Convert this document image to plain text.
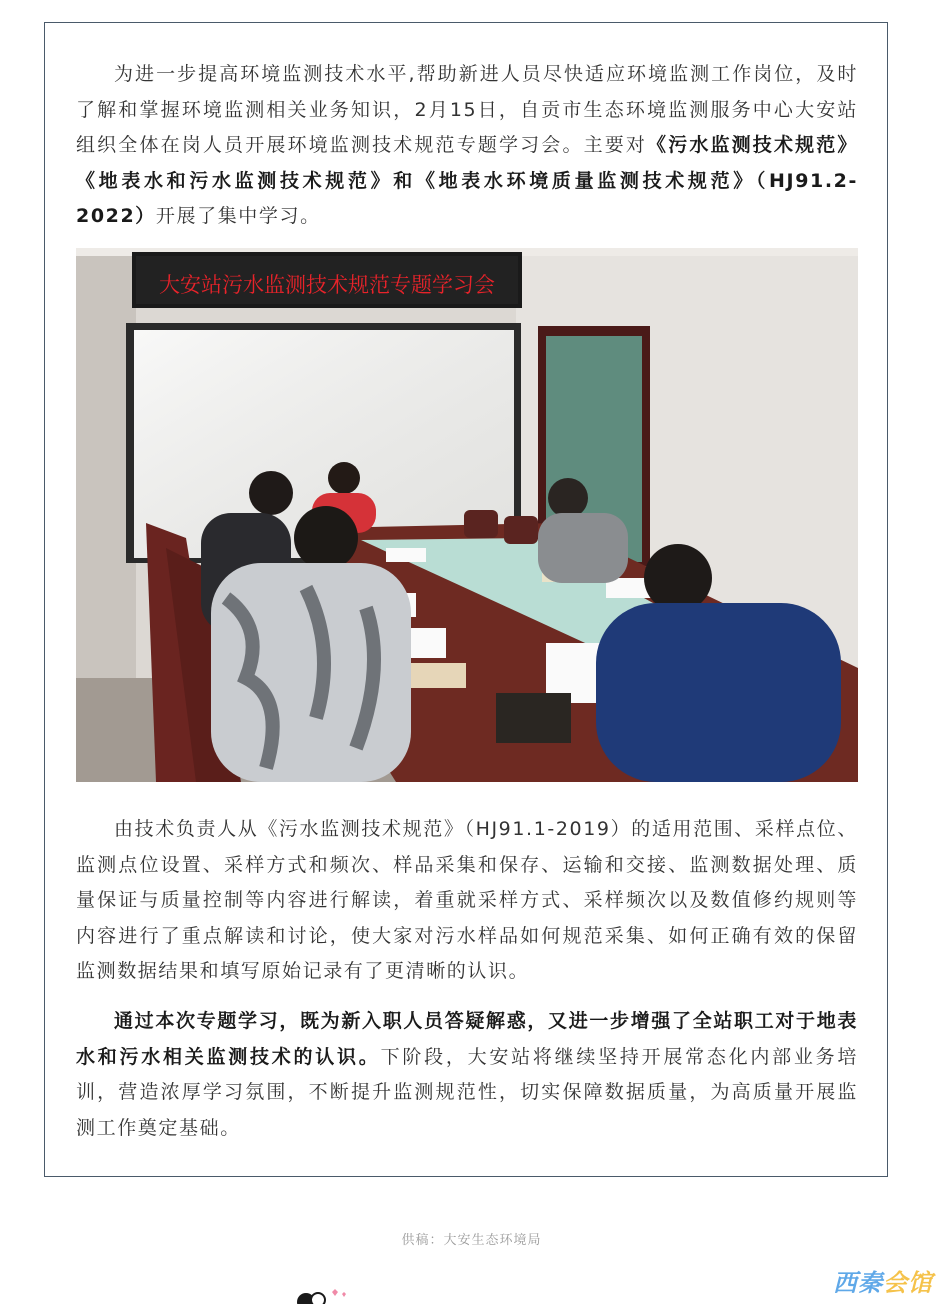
为进一步提高环境监测技术水平,帮助新进人员尽快适应环境监测工作岗位，及时了解和掌握环境监测相关业务知识，2月15日，自贡市生态环境监测服务中心大安站组织全体在岗人员开展环境监测技术规范专题学习会。主要对《污水监测技术规范》《地表水和污水监测技术规范》和《地表水环境质量监测技术规范》（HJ91.2-2022）开展了集中学习。

大安站污水监测技术规范专题学习会

由技术负责人从《污水监测技术规范》（HJ91.1-2019）的适用范围、采样点位、监测点位设置、采样方式和频次、样品采集和保存、运输和交接、监测数据处理、质量保证与质量控制等内容进行解读，着重就采样方式、采样频次以及数值修约规则等内容进行了重点解读和讨论，使大家对污水样品如何规范采集、如何正确有效的保留监测数据结果和填写原始记录有了更清晰的认识。

通过本次专题学习，既为新入职人员答疑解惑，又进一步增强了全站职工对于地表水和污水相关监测技术的认识。下阶段，大安站将继续坚持开展常态化内部业务培训，营造浓厚学习氛围，不断提升监测规范性，切实保障数据质量，为高质量开展监测工作奠定基础。

供稿：大安生态环境局
西秦会馆
